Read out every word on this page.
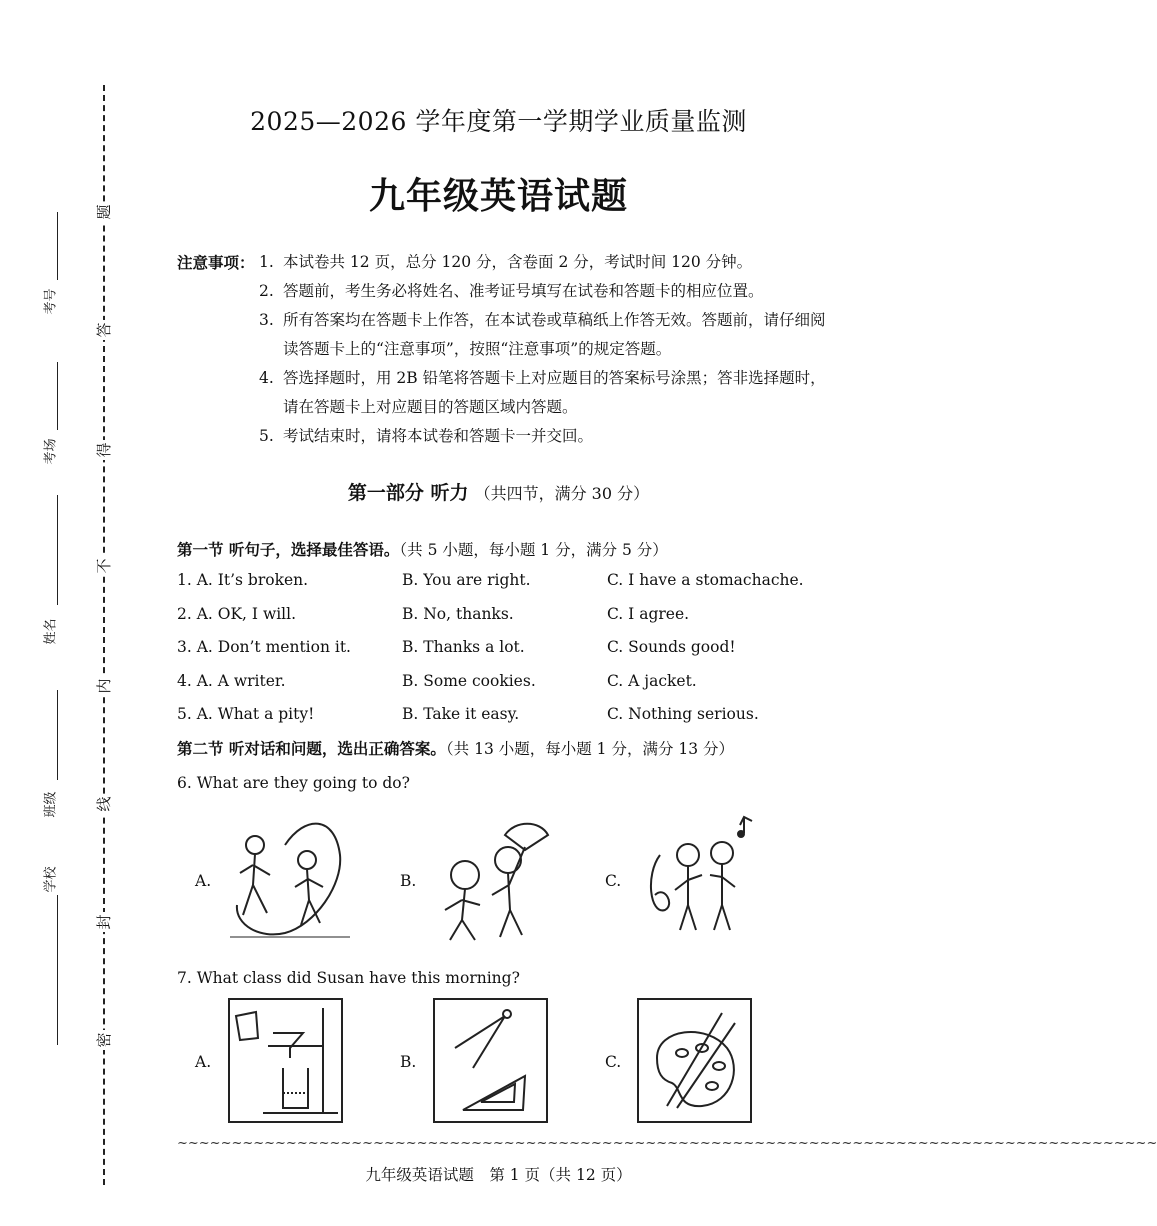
题
答
得
不
内
线
封
密
考号
考场
姓名
班级
学校
2025—2026 学年度第一学期学业质量监测
九年级英语试题
注意事项： 1. 本试卷共 12 页，总分 120 分，含卷面 2 分，考试时间 120 分钟。
2. 答题前，考生务必将姓名、准考证号填写在试卷和答题卡的相应位置。
3. 所有答案均在答题卡上作答，在本试卷或草稿纸上作答无效。答题前，请仔细阅读答题卡上的“注意事项”，按照“注意事项”的规定答题。
4. 答选择题时，用 2B 铅笔将答题卡上对应题目的答案标号涂黑；答非选择题时，请在答题卡上对应题目的答题区域内答题。
5. 考试结束时，请将本试卷和答题卡一并交回。
第一部分 听力 （共四节，满分 30 分）
第一节 听句子，选择最佳答语。（共 5 小题，每小题 1 分，满分 5 分）
1. A. It’s broken.	B. You are right.	C. I have a stomachache.
2. A. OK, I will.	B. No, thanks.	C. I agree.
3. A. Don’t mention it.	B. Thanks a lot.	C. Sounds good!
4. A. A writer.	B. Some cookies.	C. A jacket.
5. A. What a pity!	B. Take it easy.	C. Nothing serious.
第二节 听对话和问题，选出正确答案。（共 13 小题，每小题 1 分，满分 13 分）
6. What are they going to do?
A.	B.	C.
7. What class did Susan have this morning?
A.	B.	C.
~~~~~~~~~~~~~~~~~~~~~~~~~~~~~~~~~~~~~~~~~~~~~~~~~~~~~~~~~~~~~~~~~~~~~~~~~~~~~~~~~~~~~~~~~~
九年级英语试题　第 1 页（共 12 页）
